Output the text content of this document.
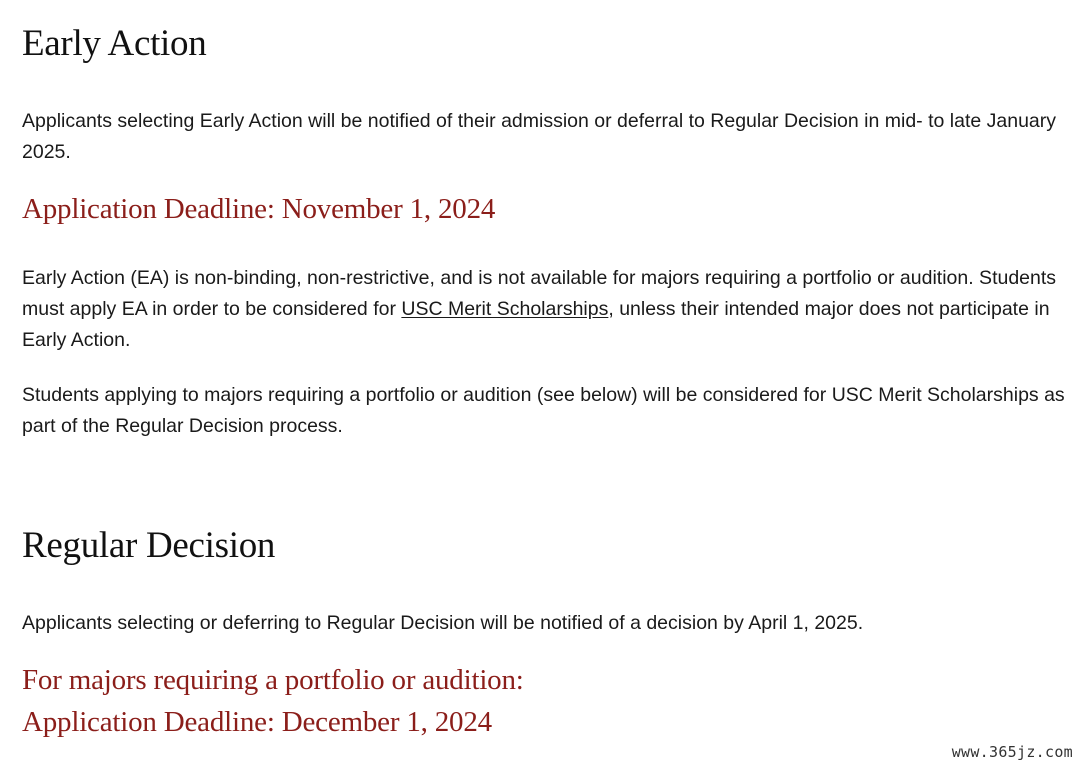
Early Action

Applicants selecting Early Action will be notified of their admission or deferral to Regular Decision in mid- to late January 2025.

Application Deadline: November 1, 2024

Early Action (EA) is non-binding, non-restrictive, and is not available for majors requiring a portfolio or audition. Students must apply EA in order to be considered for USC Merit Scholarships, unless their intended major does not participate in Early Action.

Students applying to majors requiring a portfolio or audition (see below) will be considered for USC Merit Scholarships as part of the Regular Decision process.

Regular Decision

Applicants selecting or deferring to Regular Decision will be notified of a decision by April 1, 2025.

For majors requiring a portfolio or audition:
Application Deadline: December 1, 2024
www.365jz.com
